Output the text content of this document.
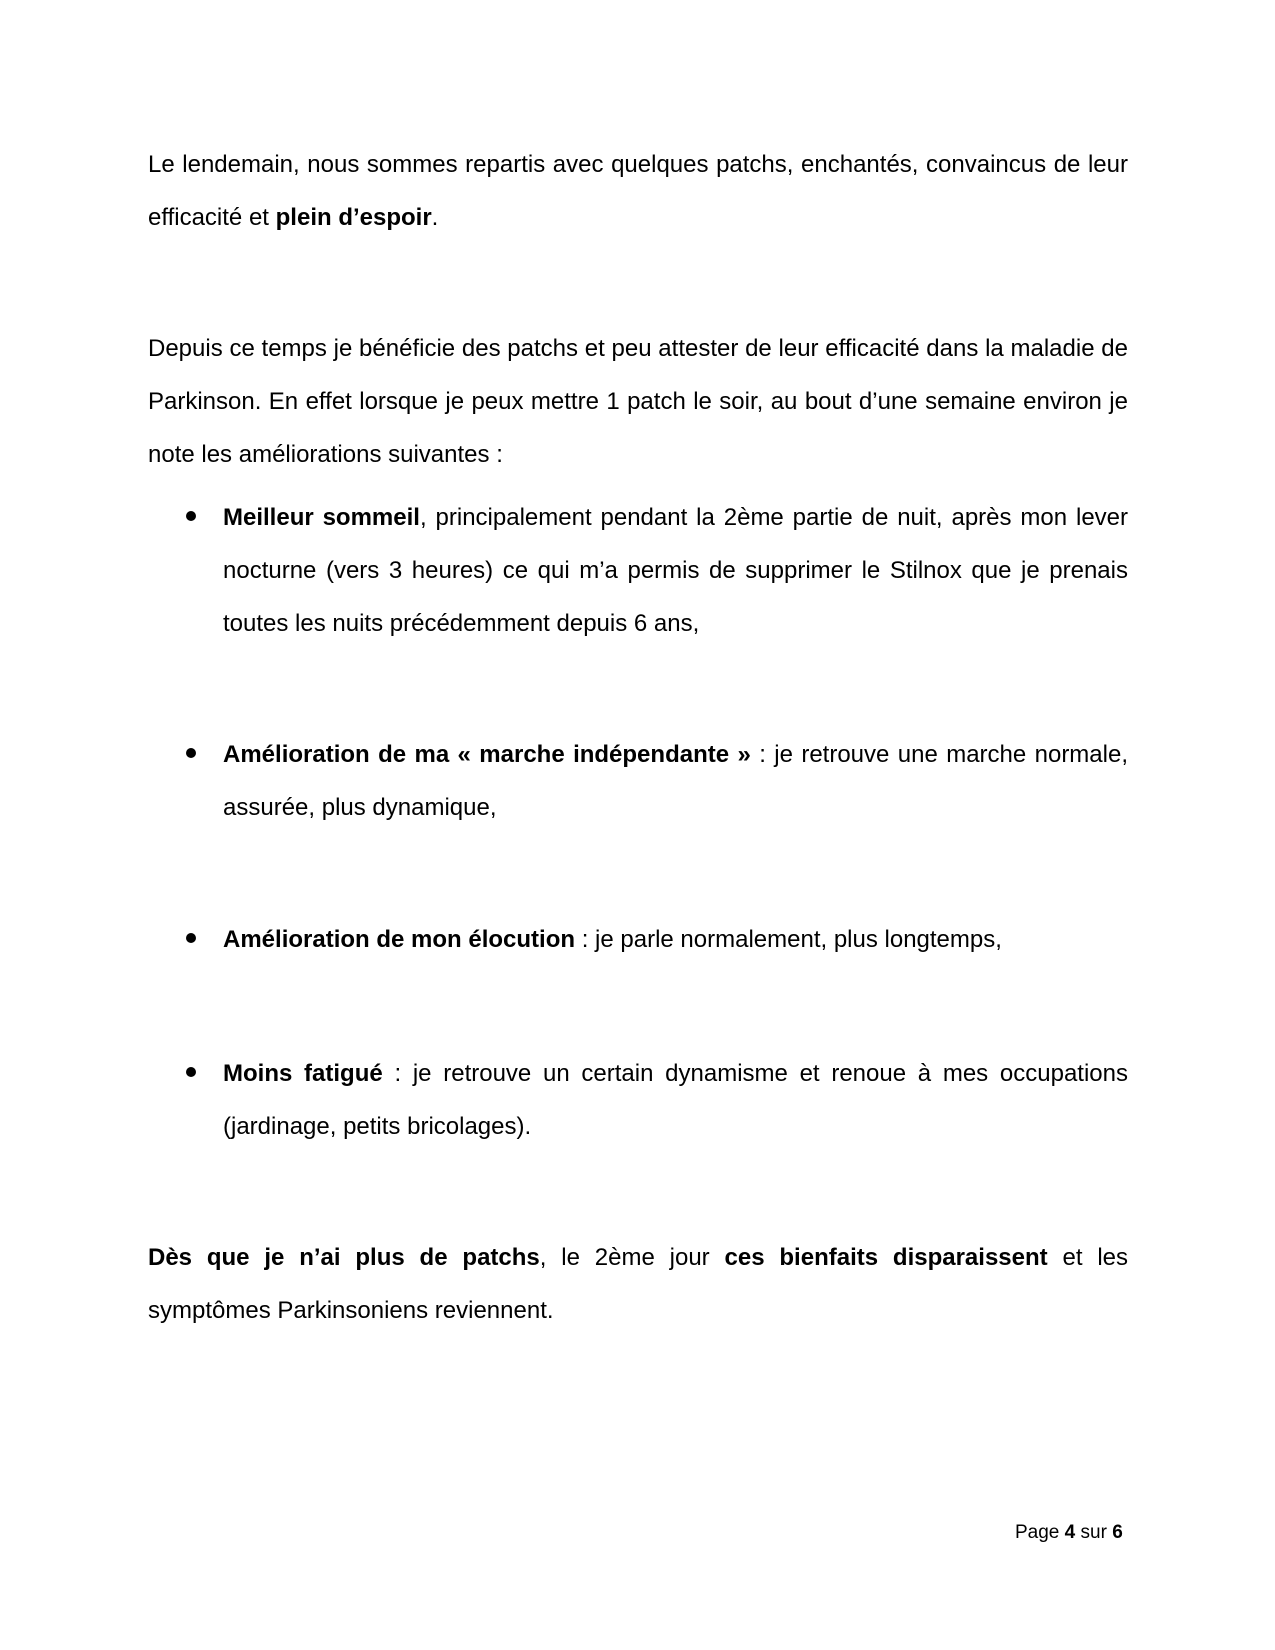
Le lendemain, nous sommes repartis avec quelques patchs, enchantés, convaincus de leur efficacité et plein d’espoir.

Depuis ce temps je bénéficie des patchs et peu attester de leur efficacité dans la maladie de Parkinson. En effet lorsque je peux mettre 1 patch le soir, au bout d’une semaine environ je note les améliorations suivantes :

Meilleur sommeil, principalement pendant la 2ème partie de nuit, après mon lever nocturne (vers 3 heures) ce qui m’a permis de supprimer le Stilnox que je prenais toutes les nuits précédemment depuis 6 ans,

Amélioration de ma « marche indépendante » : je retrouve une marche normale, assurée, plus dynamique,

Amélioration de mon élocution : je parle normalement, plus longtemps,

Moins fatigué : je retrouve un certain dynamisme et renoue à mes occupations (jardinage, petits bricolages).

Dès que je n’ai plus de patchs, le 2ème jour ces bienfaits disparaissent et les symptômes Parkinsoniens reviennent.

Page 4 sur 6
